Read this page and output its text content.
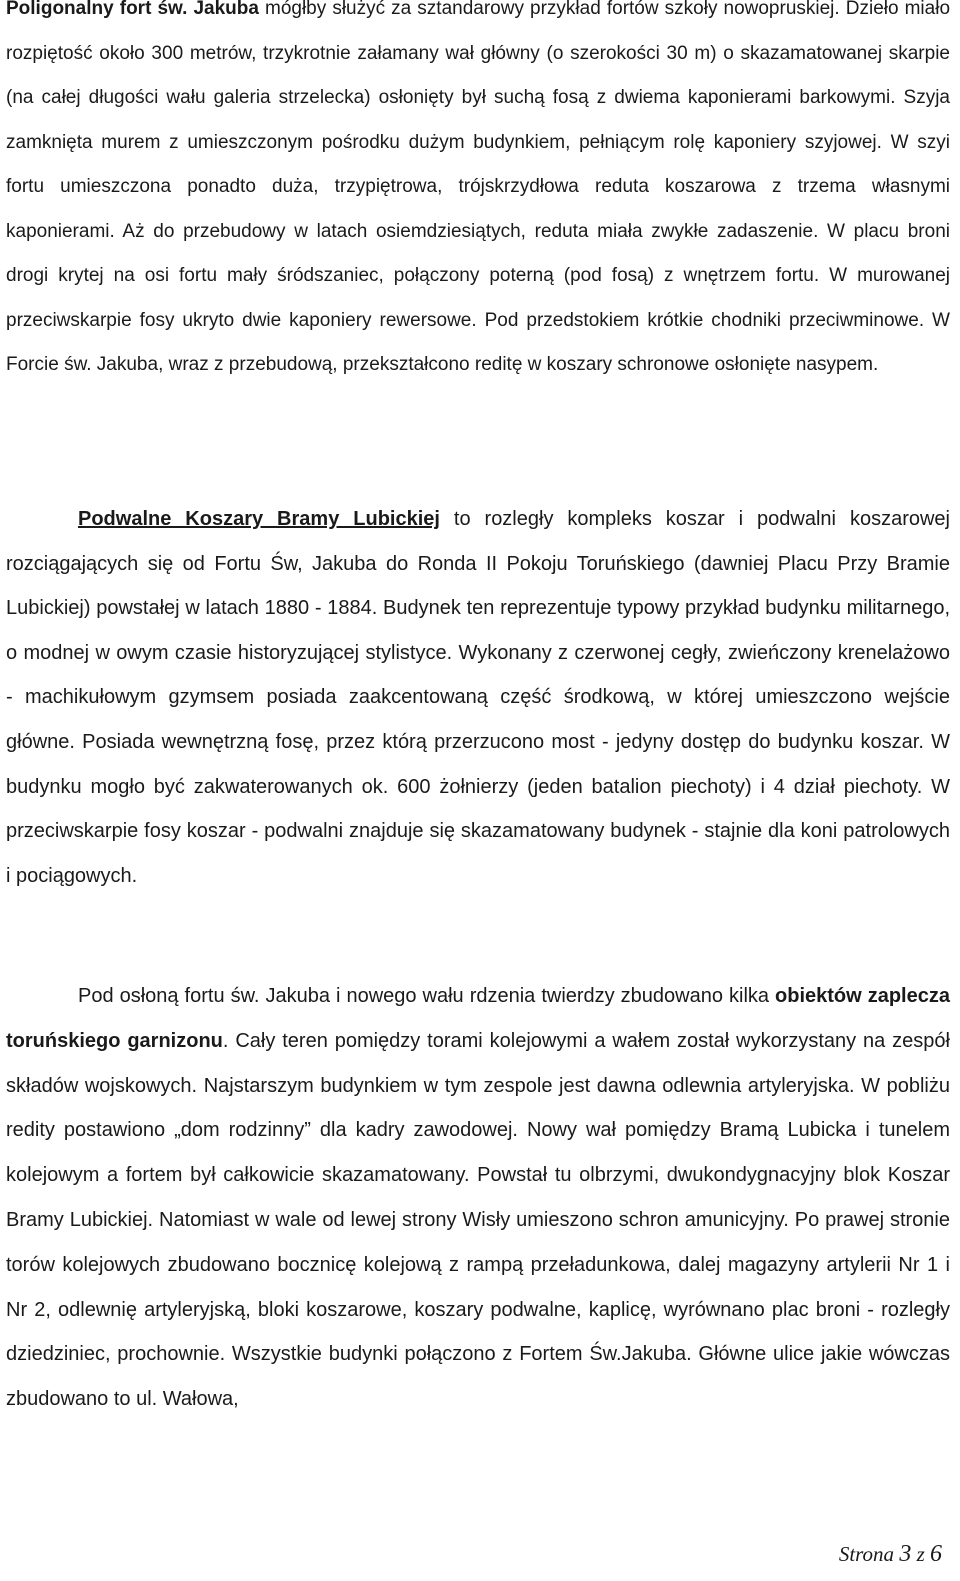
Poligonalny fort św. Jakuba mógłby służyć za sztandarowy przykład fortów szkoły nowopruskiej. Dzieło miało rozpiętość około 300 metrów, trzykrotnie załamany wał główny (o szerokości 30 m) o skazamatowanej skarpie (na całej długości wału galeria strzelecka) osłonięty był suchą fosą z dwiema kaponierami barkowymi. Szyja zamknięta murem z umieszczonym pośrodku dużym budynkiem, pełniącym rolę kaponiery szyjowej. W szyi fortu umieszczona ponadto duża, trzypiętrowa, trójskrzydłowa reduta koszarowa z trzema własnymi kaponierami. Aż do przebudowy w latach osiemdziesiątych, reduta miała zwykłe zadaszenie. W placu broni drogi krytej na osi fortu mały śródszaniec, połączony poterną (pod fosą) z wnętrzem fortu. W murowanej przeciwskarpie fosy ukryto dwie kaponiery rewersowe. Pod przedstokiem krótkie chodniki przeciwminowe. W Forcie św. Jakuba, wraz z przebudową, przekształcono reditę w koszary schronowe osłonięte nasypem.

Podwalne Koszary Bramy Lubickiej to rozległy kompleks koszar i podwalni koszarowej rozciągających się od Fortu Św, Jakuba do Ronda II Pokoju Toruńskiego (dawniej Placu Przy Bramie Lubickiej) powstałej w latach 1880 - 1884. Budynek ten reprezentuje typowy przykład budynku militarnego, o modnej w owym czasie historyzującej stylistyce. Wykonany z czerwonej cegły, zwieńczony krenelażowo - machikułowym gzymsem posiada zaakcentowaną część środkową, w której umieszczono wejście główne. Posiada wewnętrzną fosę, przez którą przerzucono most - jedyny dostęp do budynku koszar. W budynku mogło być zakwaterowanych ok. 600 żołnierzy (jeden batalion piechoty) i 4 dział piechoty. W przeciwskarpie fosy koszar - podwalni znajduje się skazamatowany budynek - stajnie dla koni patrolowych i pociągowych.

Pod osłoną fortu św. Jakuba i nowego wału rdzenia twierdzy zbudowano kilka obiektów zaplecza toruńskiego garnizonu. Cały teren pomiędzy torami kolejowymi a wałem został wykorzystany na zespół składów wojskowych. Najstarszym budynkiem w tym zespole jest dawna odlewnia artyleryjska. W pobliżu redity postawiono „dom rodzinny” dla kadry zawodowej. Nowy wał pomiędzy Bramą Lubicka i tunelem kolejowym a fortem był całkowicie skazamatowany. Powstał tu olbrzymi, dwukondygnacyjny blok Koszar Bramy Lubickiej. Natomiast w wale od lewej strony Wisły umieszono schron amunicyjny. Po prawej stronie torów kolejowych zbudowano bocznicę kolejową z rampą przeładunkowa, dalej magazyny artylerii Nr 1 i Nr 2, odlewnię artyleryjską, bloki koszarowe, koszary podwalne, kaplicę, wyrównano plac broni - rozległy dziedziniec, prochownie. Wszystkie budynki połączono z Fortem Św.Jakuba. Główne ulice jakie wówczas zbudowano to ul. Wałowa,

Strona 3 z 6
